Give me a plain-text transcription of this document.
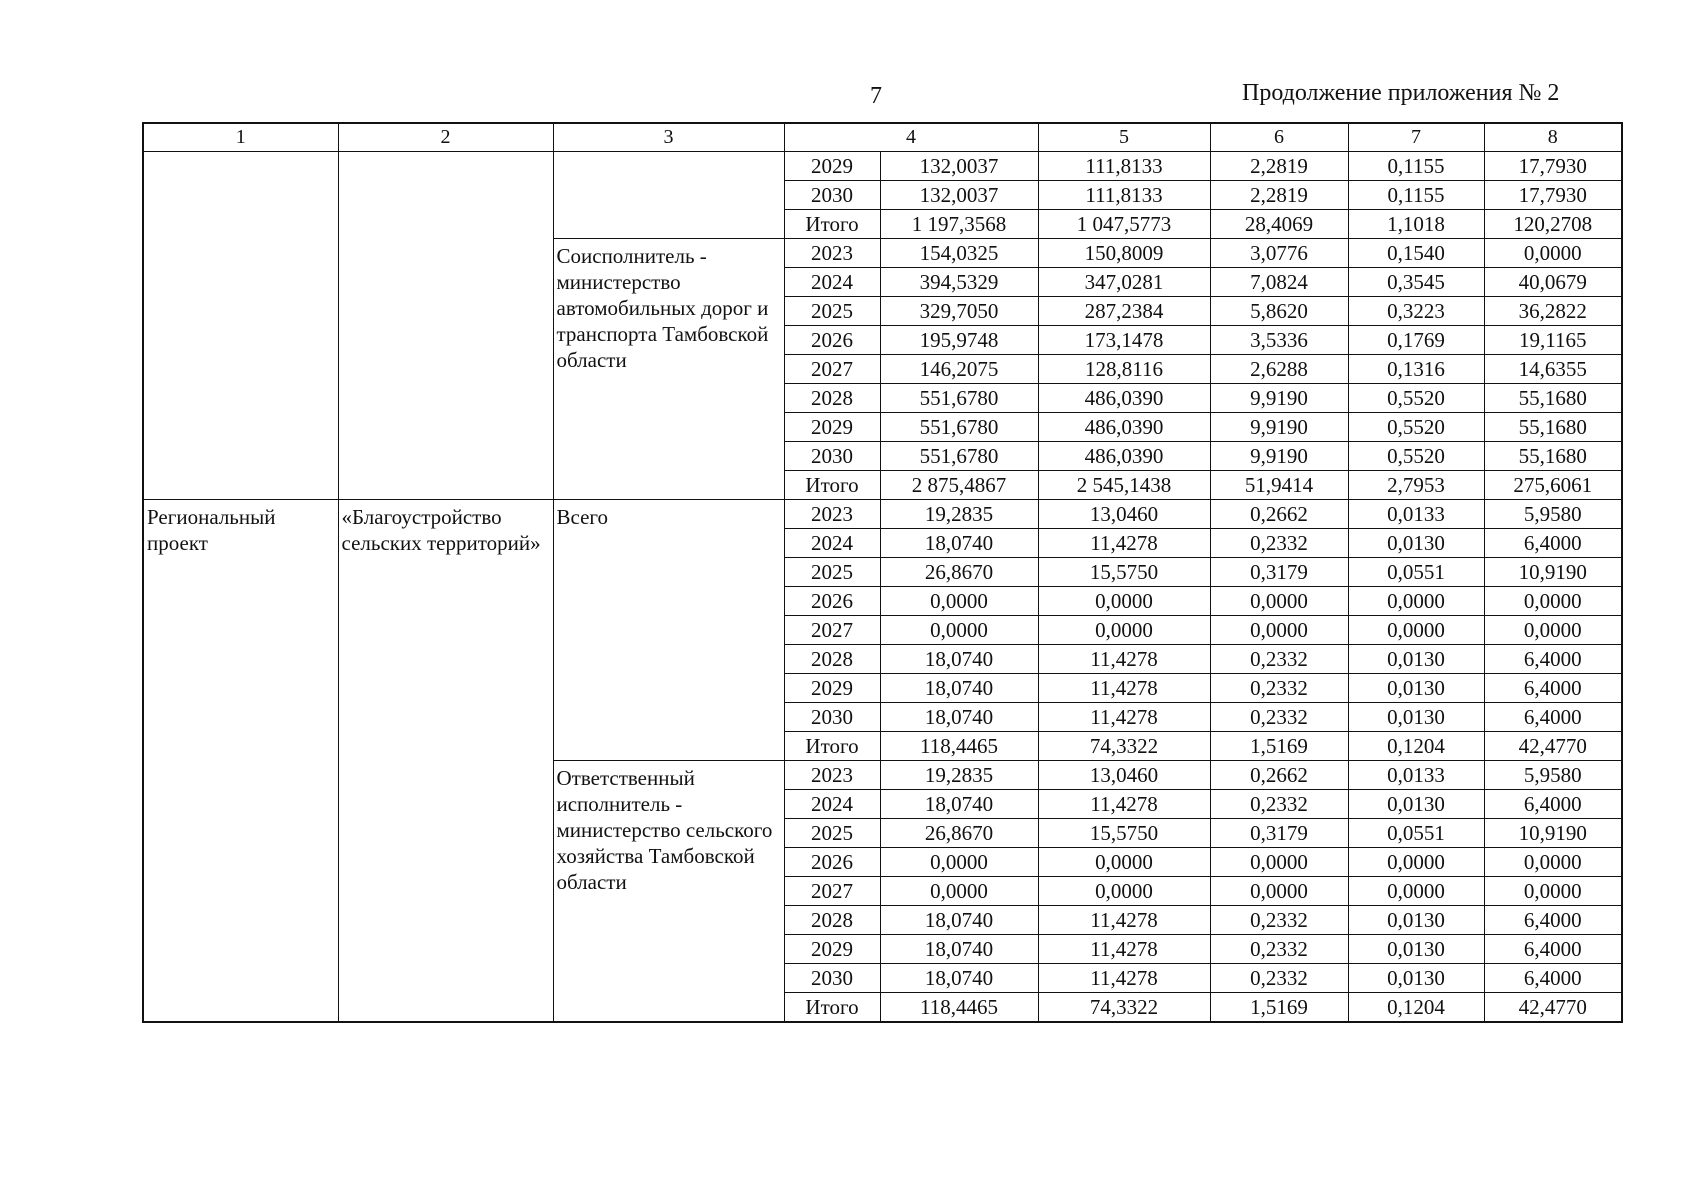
7	Продолжение приложения № 2
1	2	3	4		5	6	7	8
			2029	132,0037	111,8133	2,2819	0,1155	17,7930
			2030	132,0037	111,8133	2,2819	0,1155	17,7930
			Итого	1 197,3568	1 047,5773	28,4069	1,1018	120,2708
		Соисполнитель - министерство автомобильных дорог и транспорта Тамбовской области	2023	154,0325	150,8009	3,0776	0,1540	0,0000
			2024	394,5329	347,0281	7,0824	0,3545	40,0679
			2025	329,7050	287,2384	5,8620	0,3223	36,2822
			2026	195,9748	173,1478	3,5336	0,1769	19,1165
			2027	146,2075	128,8116	2,6288	0,1316	14,6355
			2028	551,6780	486,0390	9,9190	0,5520	55,1680
			2029	551,6780	486,0390	9,9190	0,5520	55,1680
			2030	551,6780	486,0390	9,9190	0,5520	55,1680
			Итого	2 875,4867	2 545,1438	51,9414	2,7953	275,6061
Региональный проект	«Благоустройство сельских территорий»	Всего	2023	19,2835	13,0460	0,2662	0,0133	5,9580
			2024	18,0740	11,4278	0,2332	0,0130	6,4000
			2025	26,8670	15,5750	0,3179	0,0551	10,9190
			2026	0,0000	0,0000	0,0000	0,0000	0,0000
			2027	0,0000	0,0000	0,0000	0,0000	0,0000
			2028	18,0740	11,4278	0,2332	0,0130	6,4000
			2029	18,0740	11,4278	0,2332	0,0130	6,4000
			2030	18,0740	11,4278	0,2332	0,0130	6,4000
			Итого	118,4465	74,3322	1,5169	0,1204	42,4770
		Ответственный исполнитель - министерство сельского хозяйства Тамбовской области	2023	19,2835	13,0460	0,2662	0,0133	5,9580
			2024	18,0740	11,4278	0,2332	0,0130	6,4000
			2025	26,8670	15,5750	0,3179	0,0551	10,9190
			2026	0,0000	0,0000	0,0000	0,0000	0,0000
			2027	0,0000	0,0000	0,0000	0,0000	0,0000
			2028	18,0740	11,4278	0,2332	0,0130	6,4000
			2029	18,0740	11,4278	0,2332	0,0130	6,4000
			2030	18,0740	11,4278	0,2332	0,0130	6,4000
			Итого	118,4465	74,3322	1,5169	0,1204	42,4770
